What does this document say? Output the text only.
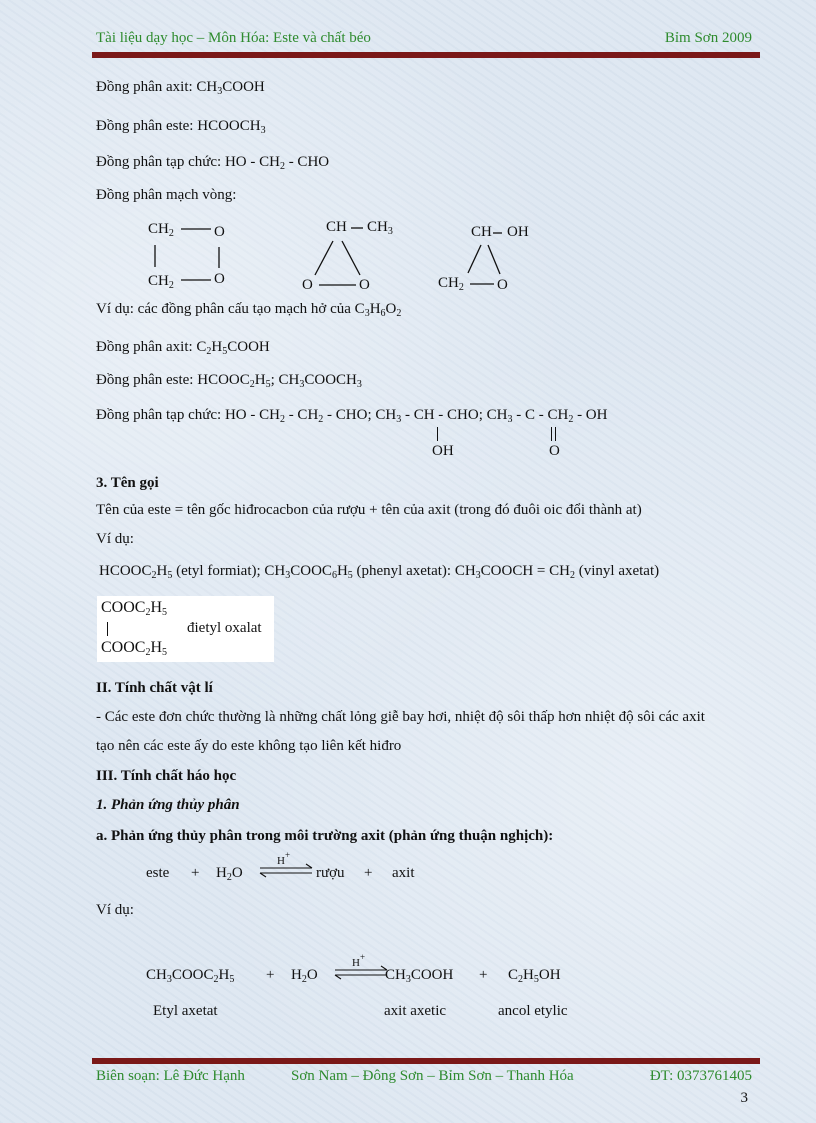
Tài liệu dạy học – Môn Hóa: Este và chất béo	Bỉm Sơn 2009
Đồng phân axit: $CH_3COOH$
Đồng phân este: $HCOOCH_3$
Đồng phân tạp chức: HO - $CH_2$ - CHO
Đồng phân mạch vòng:
$CH_2$
$CH_2$
O
O
CH $CH_3$
O	O
CH OH
$CH_2$ O
Ví dụ: các đồng phân cấu tạo mạch hở của $C_3H_6O_2$
Đồng phân axit: $C_2H_5COOH$
Đồng phân este: $HCOOC_2H_5$; $CH_3COOCH_3$
Đồng phân tạp chức: HO - $CH_2 - CH_2$ - CHO; $CH_3$ - CH - CHO; $CH_3$ - C - $CH_2$ - OH
OH	O
3. Tên gọi
Tên của este = tên gốc hiđrocacbon của rượu + tên của axit (trong đó đuôi oic đổi thành at)
Ví dụ:
$HCOOC_2H_5$ (etyl formiat); $CH_3COOC_6H_5$ (phenyl axetat): $CH_3COOCH = CH_2$ (vinyl axetat)
$COOC_2H_5$
$COOC_2H_5$
đietyl oxalat
II. Tính chất vật lí
- Các este đơn chức thường là những chất lỏng giễ bay hơi, nhiệt độ sôi thấp hơn nhiệt độ sôi các axit
tạo nên các este ấy do este không tạo liên kết hiđro
III. Tính chất háo học
1. Phản ứng thủy phân
a. Phản ứng thủy phân trong môi trường axit (phản ứng thuận nghịch):
este + $H_2O$
H+
rượu + axit
Ví dụ:
$CH_3COOC_2H_5 + H_2O$
H+
$CH_3COOH + C_2H_5OH$
Etyl axetat	axit axetic	ancol etylic
Biên soạn: Lê Đức Hạnh	Sơn Nam – Đông Sơn – Bỉm Sơn – Thanh Hóa	ĐT: 0373761405
3
